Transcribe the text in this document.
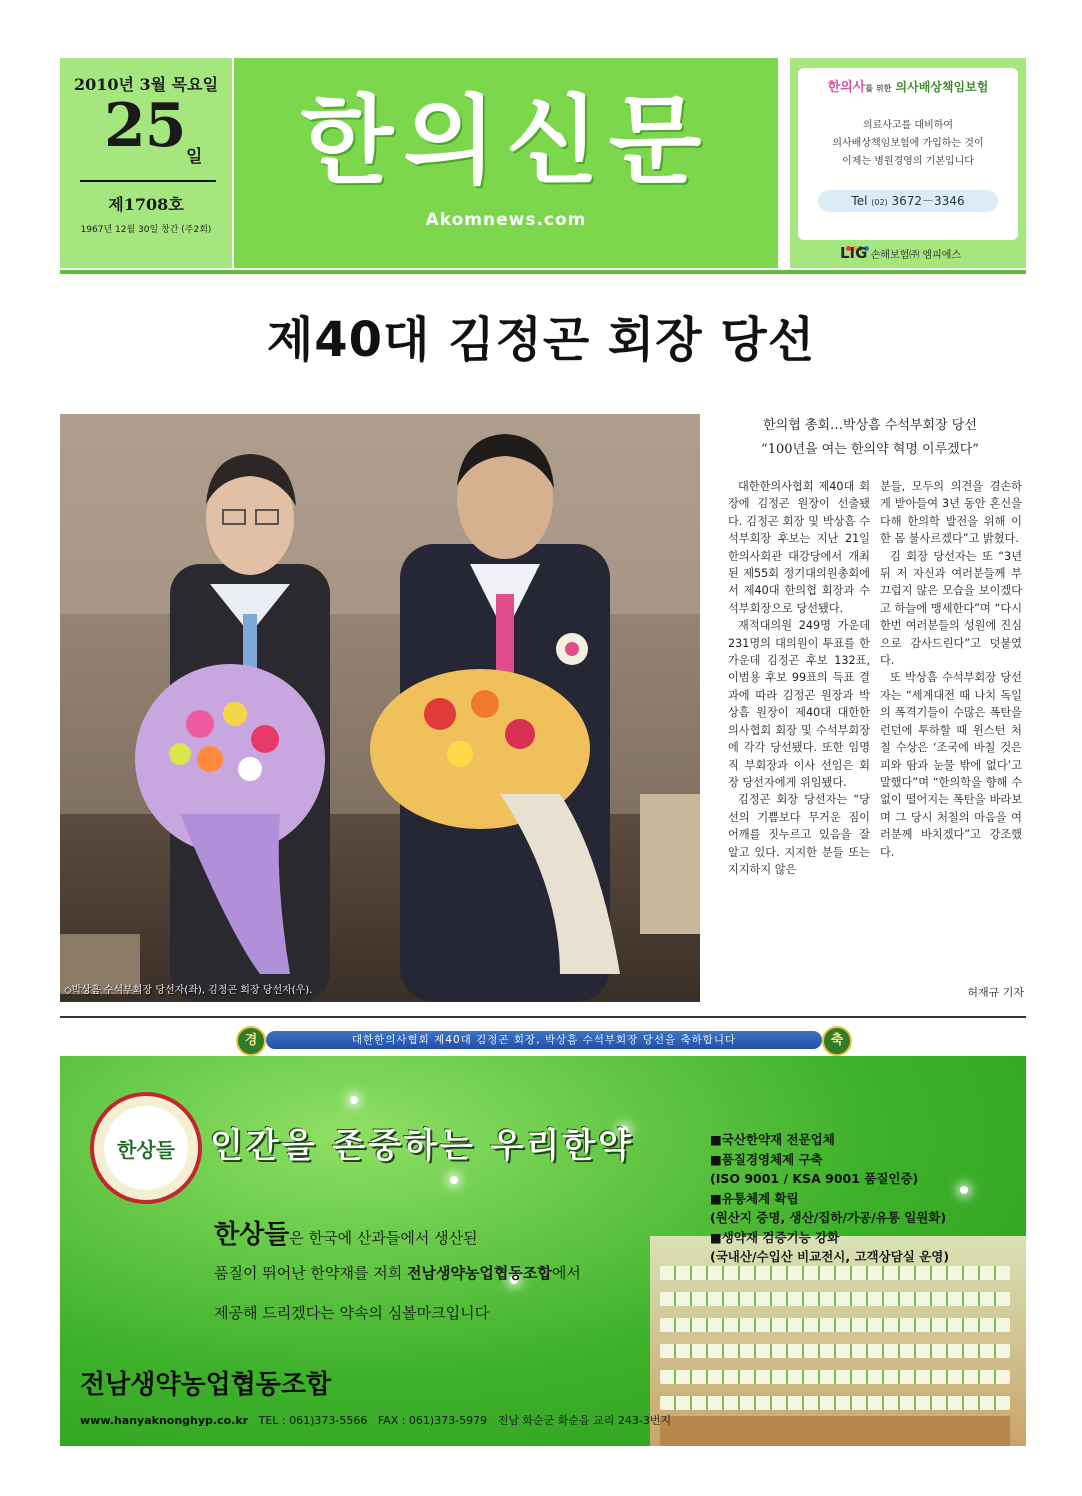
2010년 3월 목요일
25 일
제1708호
1967년 12월 30일 창간 (주2회)
한의신문
Akomnews.com
한의사를 위한 의사배상책임보험
의료사고를 대비하여
의사배상책임보험에 가입하는 것이
이제는 병원경영의 기본입니다
Tel (02) 3672－3346
LIG 손해보험㈜ 엠피에스
제40대 김정곤 회장 당선
◇박상흠 수석부회장 당선자(좌), 김정곤 회장 당선자(우).
한의협 총회…박상흠 수석부회장 당선
“100년을 여는 한의약 혁명 이루겠다”

대한한의사협회 제40대 회장에 김정곤 원장이 선출됐다. 김정곤 회장 및 박상흠 수석부회장 후보는 지난 21일 한의사회관 대강당에서 개최된 제55회 정기대의원총회에서 제40대 한의협 회장과 수석부회장으로 당선됐다.

재적대의원 249명 가운데 231명의 대의원이 투표를 한 가운데 김정곤 후보 132표, 이범용 후보 99표의 득표 결과에 따라 김정곤 원장과 박상흠 원장이 제40대 대한한의사협회 회장 및 수석부회장에 각각 당선됐다. 또한 임명직 부회장과 이사 선임은 회장 당선자에게 위임됐다.

김정곤 회장 당선자는 “당선의 기쁨보다 무거운 짐이 어깨를 짓누르고 있음을 잘 알고 있다. 지지한 분들 또는 지지하지 않은

분들, 모두의 의견을 겸손하게 받아들여 3년 동안 혼신을 다해 한의학 발전을 위해 이 한 몸 불사르겠다”고 밝혔다.

김 회장 당선자는 또 “3년 뒤 저 자신과 여러분들께 부끄럽지 않은 모습을 보이겠다고 하늘에 맹세한다”며 “다시 한번 여러분들의 성원에 진심으로 감사드린다”고 덧붙였다.

또 박상흠 수석부회장 당선자는 “세계대전 때 나치 독일의 폭격기들이 수많은 폭탄을 런던에 투하할 때 윈스턴 처칠 수상은 ‘조국에 바칠 것은 피와 땀과 눈물 밖에 없다’고 말했다”며 “한의학을 향해 수없이 떨어지는 폭탄을 바라보며 그 당시 처칠의 마음을 여러분께 바치겠다”고 강조했다.

허재규 기자
대한한의사협회 제40대 김정곤 회장, 박상흠 수석부회장 당선을 축하합니다
경	축
한상들	인간을 존중하는 우리한약
한상들은 한국에 산과들에서 생산된
품질이 뛰어난 한약재를 저희 전남생약농업협동조합에서
제공해 드리겠다는 약속의 심볼마크입니다
■국산한약재 전문업체
■품질경영체제 구축
(ISO 9001 / KSA 9001 품질인증)
■유통체계 확립
(원산지 증명, 생산/집하/가공/유통 일원화)
■생약재 검증기능 강화
(국내산/수입산 비교전시, 고객상담실 운영)
전남생약농업협동조합
www.hanyaknonghyp.co.kr TEL : 061)373-5566 FAX : 061)373-5979 전남 화순군 화순읍 교리 243-3번지
